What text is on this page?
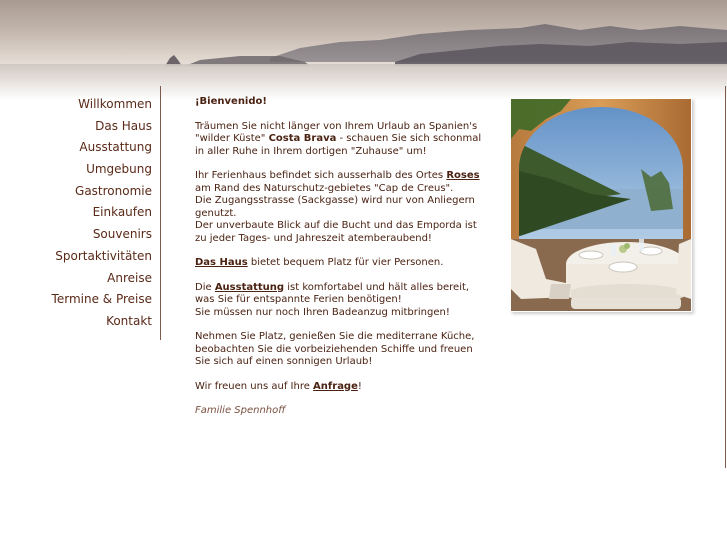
Willkommen
Das Haus
Ausstattung
Umgebung
Gastronomie
Einkaufen
Souvenirs
Sportaktivitäten
Anreise
Termine & Preise
Kontakt

¡Bienvenido!

Träumen Sie nicht länger von Ihrem Urlaub an Spanien's "wilder Küste" Costa Brava - schauen Sie sich schonmal in aller Ruhe in Ihrem dortigen "Zuhause" um!

Ihr Ferienhaus befindet sich ausserhalb des Ortes Roses am Rand des Naturschutz-gebietes "Cap de Creus".
Die Zugangsstrasse (Sackgasse) wird nur von Anliegern genutzt.
Der unverbaute Blick auf die Bucht und das Emporda ist zu jeder Tages- und Jahreszeit atemberaubend!

Das Haus bietet bequem Platz für vier Personen.

Die Ausstattung ist komfortabel und hält alles bereit, was Sie für entspannte Ferien benötigen!
Sie müssen nur noch Ihren Badeanzug mitbringen!

Nehmen Sie Platz, genießen Sie die mediterrane Küche, beobachten Sie die vorbeiziehenden Schiffe und freuen Sie sich auf einen sonnigen Urlaub!

Wir freuen uns auf Ihre Anfrage!

Familie Spennhoff
